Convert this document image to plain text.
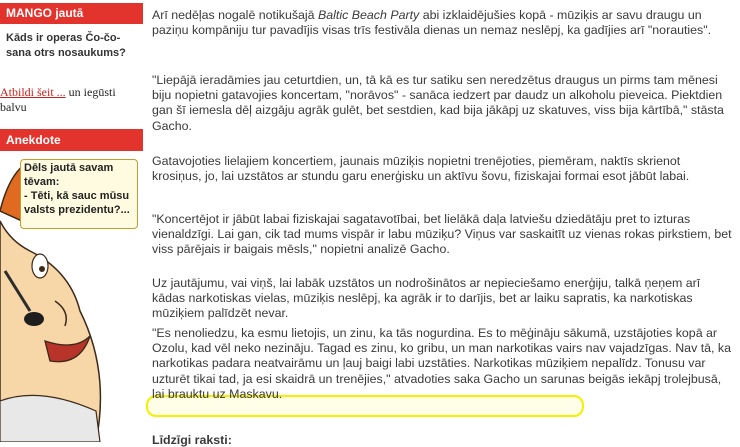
MANGO jautā
Kāds ir operas Čo-čo-sana otrs nosaukums?
Atbildi šeit ... un iegūsti balvu
Anekdote
Dēls jautā savam tēvam:
- Tēti, kā sauc mūsu valsts prezidentu?...

Arī nedēļas nogalē notikušajā Baltic Beach Party abi izklaidējušies kopā - mūziķis ar savu draugu un paziņu kompāniju tur pavadījis visas trīs festivāla dienas un nemaz neslēpj, ka gadījies arī "norauties".

"Liepājā ieradāmies jau ceturtdien, un, tā kā es tur satiku sen neredzētus draugus un pirms tam mēnesi biju nopietni gatavojies koncertam, "norāvos" - sanāca iedzert par daudz un alkoholu pieveica. Piektdien gan šī iemesla dēļ aizgāju agrāk gulēt, bet sestdien, kad bija jākāpj uz skatuves, viss bija kārtībā," stāsta Gacho.

Gatavojoties lielajiem koncertiem, jaunais mūziķis nopietni trenējoties, piemēram, naktīs skrienot krosiņus, jo, lai uzstātos ar stundu garu enerģisku un aktīvu šovu, fiziskajai formai esot jābūt labai.

"Koncertējot ir jābūt labai fiziskajai sagatavotībai, bet lielākā daļa latviešu dziedātāju pret to izturas vienaldzīgi. Lai gan, cik tad mums vispār ir labu mūziķu? Viņus var saskaitīt uz vienas rokas pirkstiem, bet viss pārējais ir baigais mēsls," nopietni analizē Gacho.

Uz jautājumu, vai viņš, lai labāk uzstātos un nodrošinātos ar nepieciešamo enerģiju, talkā ņeņem arī kādas narkotiskas vielas, mūziķis neslēpj, ka agrāk ir to darījis, bet ar laiku sapratis, ka narkotiskas mūziķiem palīdzēt nevar.

"Es nenoliedzu, ka esmu lietojis, un zinu, ka tās nogurdina. Es to mēģināju sākumā, uzstājoties kopā ar Ozolu, kad vēl neko nezināju. Tagad es zinu, ko gribu, un man narkotikas vairs nav vajadzīgas. Nav tā, ka narkotikas padara neatvairāmu un ļauj baigi labi uzstāties. Narkotikas mūziķiem nepalīdz. Tonusu var uzturēt tikai tad, ja esi skaidrā un trenējies," atvadoties saka Gacho un sarunas beigās iekāpj trolejbusā, lai brauktu uz Maskavu.

Līdzīgi raksti:
